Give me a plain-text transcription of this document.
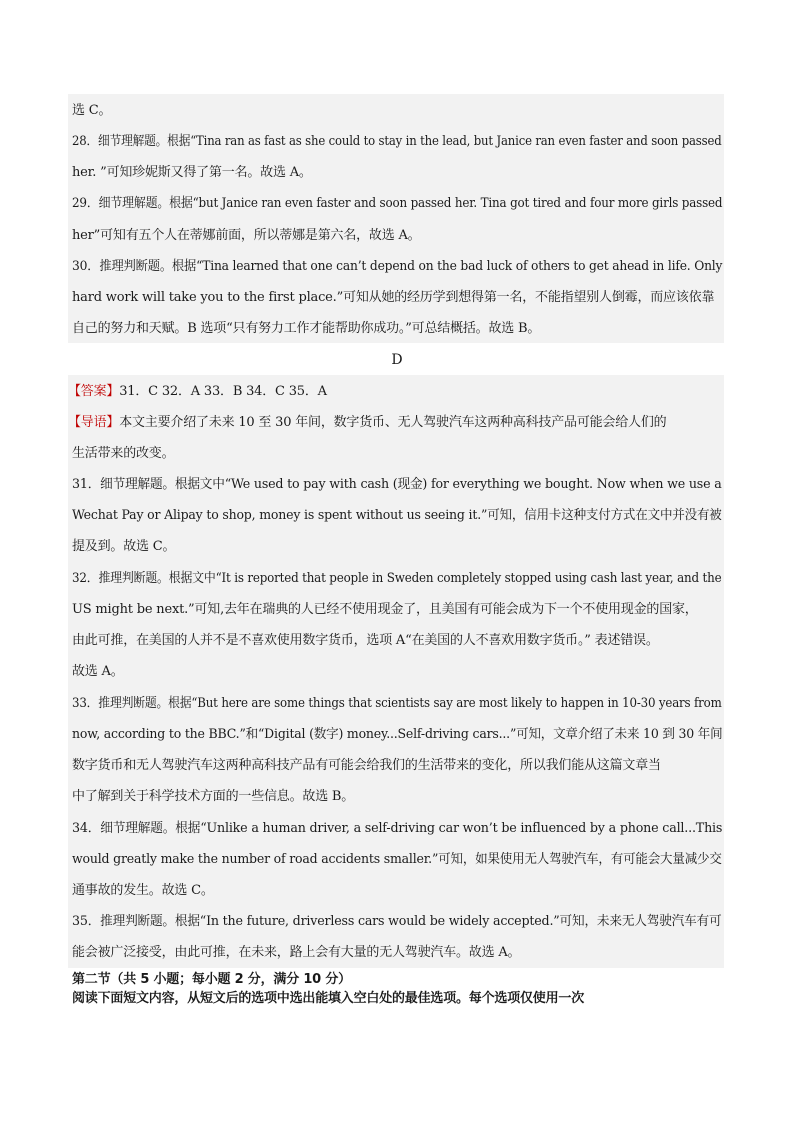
选 C。
28．细节理解题。根据“Tina ran as fast as she could to stay in the lead, but Janice ran even faster and soon passed
her. ”可知珍妮斯又得了第一名。故选 A。
29．细节理解题。根据“but Janice ran even faster and soon passed her. Tina got tired and four more girls passed
her”可知有五个人在蒂娜前面，所以蒂娜是第六名，故选 A。
30．推理判断题。根据“Tina learned that one can’t depend on the bad luck of others to get ahead in life. Only
hard work will take you to the first place.”可知从她的经历学到想得第一名，不能指望别人倒霉，而应该依靠
自己的努力和天赋。B 选项“只有努力工作才能帮助你成功。”可总结概括。故选 B。
D
【答案】31．C 32．A 33．B 34．C 35．A
【导语】本文主要介绍了未来 10 至 30 年间，数字货币、无人驾驶汽车这两种高科技产品可能会给人们的
生活带来的改变。
31．细节理解题。根据文中“We used to pay with cash (现金) for everything we bought. Now when we use a
Wechat Pay or Alipay to shop, money is spent without us seeing it.”可知，信用卡这种支付方式在文中并没有被
提及到。故选 C。
32．推理判断题。根据文中“It is reported that people in Sweden completely stopped using cash last year, and the
US might be next.”可知,去年在瑞典的人已经不使用现金了，且美国有可能会成为下一个不使用现金的国家，
由此可推，在美国的人并不是不喜欢使用数字货币，选项 A“在美国的人不喜欢用数字货币。” 表述错误。
故选 A。
33．推理判断题。根据“But here are some things that scientists say are most likely to happen in 10-30 years from
now, according to the BBC.”和“Digital (数字) money...Self-driving cars...”可知，文章介绍了未来 10 到 30 年间
数字货币和无人驾驶汽车这两种高科技产品有可能会给我们的生活带来的变化，所以我们能从这篇文章当
中了解到关于科学技术方面的一些信息。故选 B。
34．细节理解题。根据“Unlike a human driver, a self-driving car won’t be influenced by a phone call...This
would greatly make the number of road accidents smaller.”可知，如果使用无人驾驶汽车，有可能会大量减少交
通事故的发生。故选 C。
35．推理判断题。根据“In the future, driverless cars would be widely accepted.”可知，未来无人驾驶汽车有可
能会被广泛接受，由此可推，在未来，路上会有大量的无人驾驶汽车。故选 A。
第二节（共 5 小题；每小题 2 分，满分 10 分）
阅读下面短文内容，从短文后的选项中选出能填入空白处的最佳选项。每个选项仅使用一次
